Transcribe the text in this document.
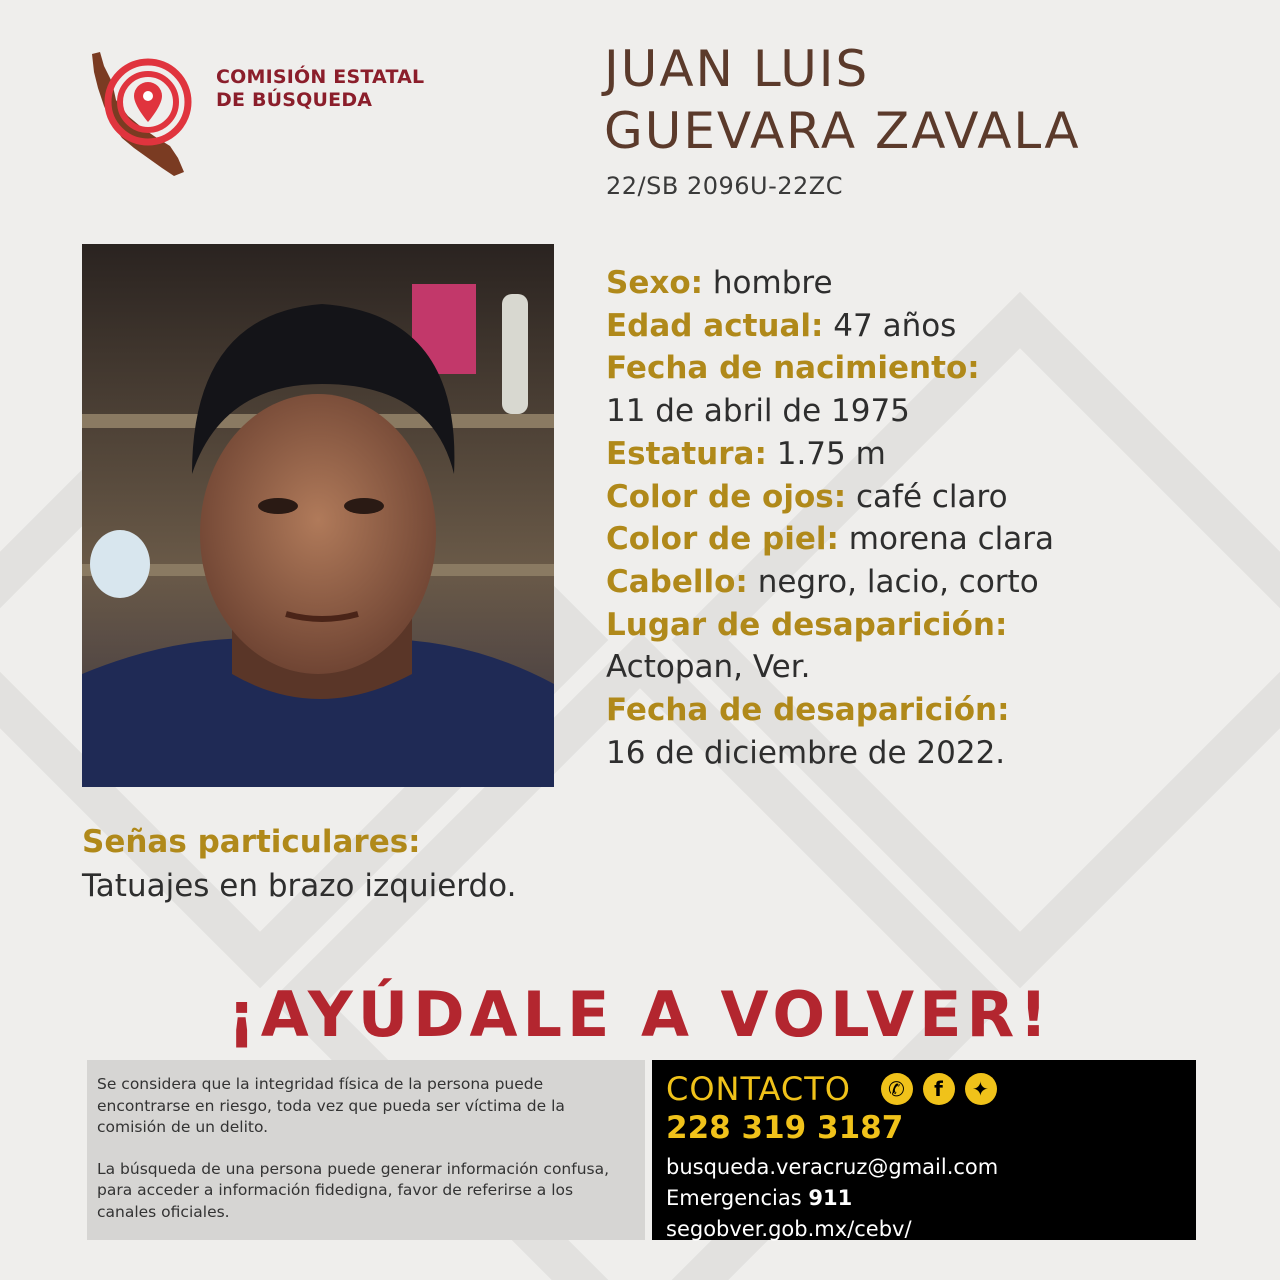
COMISIÓN ESTATAL
DE BÚSQUEDA
JUAN LUIS
GUEVARA ZAVALA
22/SB 2096U-22ZC
Sexo: hombre
Edad actual: 47 años
Fecha de nacimiento:
11 de abril de 1975
Estatura: 1.75 m
Color de ojos: café claro
Color de piel: morena clara
Cabello: negro, lacio, corto
Lugar de desaparición:
Actopan, Ver.
Fecha de desaparición:
16 de diciembre de 2022.
Señas particulares:
Tatuajes en brazo izquierdo.
¡AYÚDALE A VOLVER!

Se considera que la integridad física de la persona puede encontrarse en riesgo, toda vez que pueda ser víctima de la comisión de un delito.

La búsqueda de una persona puede generar información confusa, para acceder a información fidedigna, favor de referirse a los canales oficiales.

CONTACTO	✆	f	✦
228 319 3187
busqueda.veracruz@gmail.com
Emergencias 911
segobver.gob.mx/cebv/
